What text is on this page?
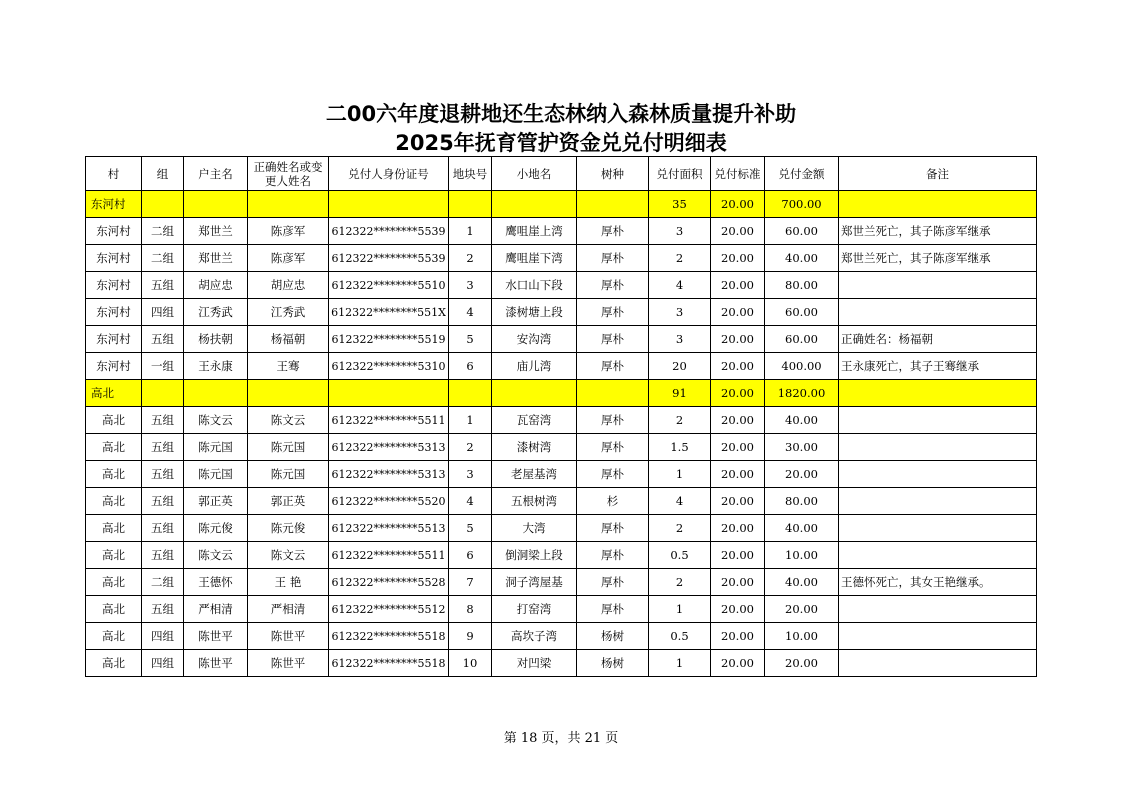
二00六年度退耕地还生态林纳入森林质量提升补助
2025年抚育管护资金兑兑付明细表
村	组	户主名	正确姓名或变更人姓名	兑付人身份证号	地块号	小地名	树种	兑付面积	兑付标准	兑付金额	备注
东河村								35	20.00	700.00	
东河村	二组	郑世兰	陈彦军	612322********5539	1	鹰咀崖上湾	厚朴	3	20.00	60.00	郑世兰死亡，其子陈彦军继承
东河村	二组	郑世兰	陈彦军	612322********5539	2	鹰咀崖下湾	厚朴	2	20.00	40.00	郑世兰死亡，其子陈彦军继承
东河村	五组	胡应忠	胡应忠	612322********5510	3	水口山下段	厚朴	4	20.00	80.00	
东河村	四组	江秀武	江秀武	612322********551X	4	漆树塘上段	厚朴	3	20.00	60.00	
东河村	五组	杨扶朝	杨福朝	612322********5519	5	安沟湾	厚朴	3	20.00	60.00	正确姓名：杨福朝
东河村	一组	王永康	王骞	612322********5310	6	庙儿湾	厚朴	20	20.00	400.00	王永康死亡，其子王骞继承
高北								91	20.00	1820.00	
高北	五组	陈文云	陈文云	612322********5511	1	瓦窑湾	厚朴	2	20.00	40.00	
高北	五组	陈元国	陈元国	612322********5313	2	漆树湾	厚朴	1.5	20.00	30.00	
高北	五组	陈元国	陈元国	612322********5313	3	老屋基湾	厚朴	1	20.00	20.00	
高北	五组	郭正英	郭正英	612322********5520	4	五根树湾	杉	4	20.00	80.00	
高北	五组	陈元俊	陈元俊	612322********5513	5	大湾	厚朴	2	20.00	40.00	
高北	五组	陈文云	陈文云	612322********5511	6	倒洞梁上段	厚朴	0.5	20.00	10.00	
高北	二组	王德怀	王 艳	612322********5528	7	洞子湾屋基	厚朴	2	20.00	40.00	王德怀死亡，其女王艳继承。
高北	五组	严相清	严相清	612322********5512	8	打窑湾	厚朴	1	20.00	20.00	
高北	四组	陈世平	陈世平	612322********5518	9	高坎子湾	杨树	0.5	20.00	10.00	
高北	四组	陈世平	陈世平	612322********5518	10	对凹梁	杨树	1	20.00	20.00	
第 18 页，共 21 页
